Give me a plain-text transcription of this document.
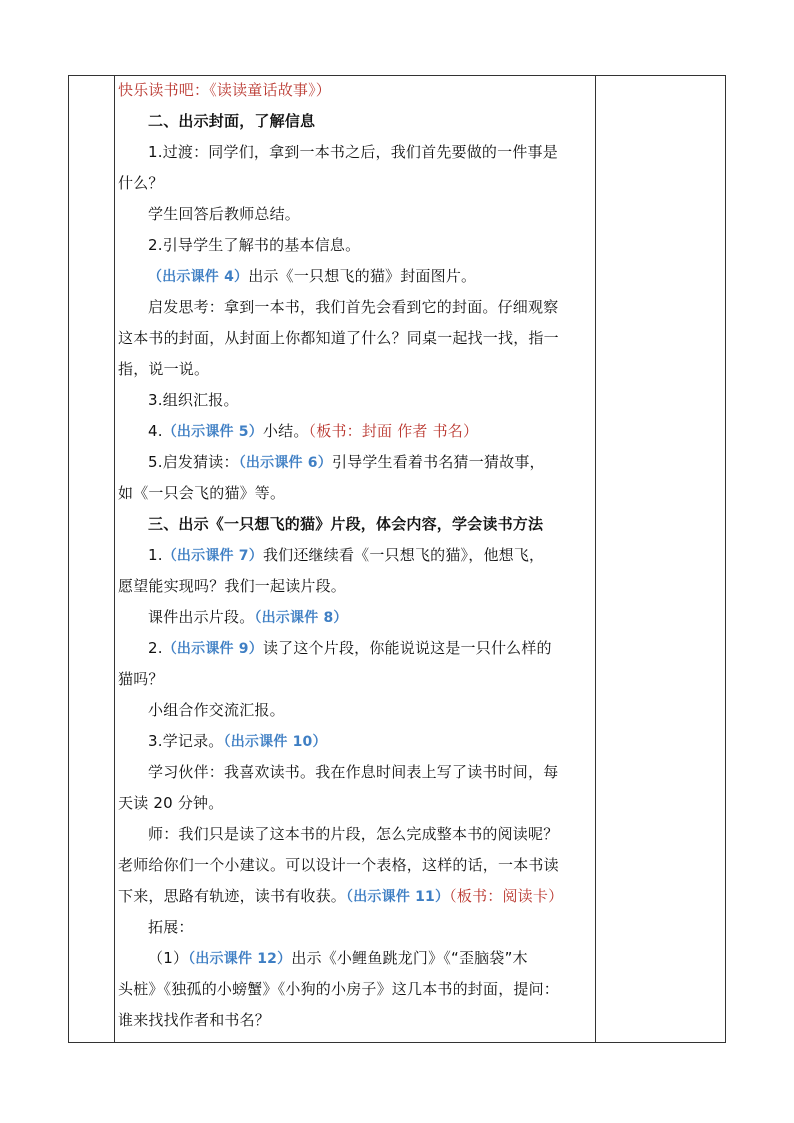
快乐读书吧：《读读童话故事》）
二、出示封面，了解信息
1.过渡：同学们，拿到一本书之后，我们首先要做的一件事是
什么？
学生回答后教师总结。
2.引导学生了解书的基本信息。
（出示课件 4）出示《一只想飞的猫》封面图片。
启发思考：拿到一本书，我们首先会看到它的封面。仔细观察
这本书的封面，从封面上你都知道了什么？同桌一起找一找，指一
指，说一说。
3.组织汇报。
4.（出示课件 5）小结。（板书：封面 作者 书名）
5.启发猜读：（出示课件 6）引导学生看着书名猜一猜故事，
如《一只会飞的猫》等。
三、出示《一只想飞的猫》片段，体会内容，学会读书方法
1.（出示课件 7）我们还继续看《一只想飞的猫》，他想飞，
愿望能实现吗？我们一起读片段。
课件出示片段。（出示课件 8）
2.（出示课件 9）读了这个片段，你能说说这是一只什么样的
猫吗？
小组合作交流汇报。
3.学记录。（出示课件 10）
学习伙伴：我喜欢读书。我在作息时间表上写了读书时间，每
天读 20 分钟。
师：我们只是读了这本书的片段，怎么完成整本书的阅读呢？
老师给你们一个小建议。可以设计一个表格，这样的话，一本书读
下来，思路有轨迹，读书有收获。（出示课件 11）（板书：阅读卡）
拓展：
（1）（出示课件 12）出示《小鲤鱼跳龙门》《“歪脑袋”木
头桩》《独孤的小螃蟹》《小狗的小房子》这几本书的封面，提问：
谁来找找作者和书名？
